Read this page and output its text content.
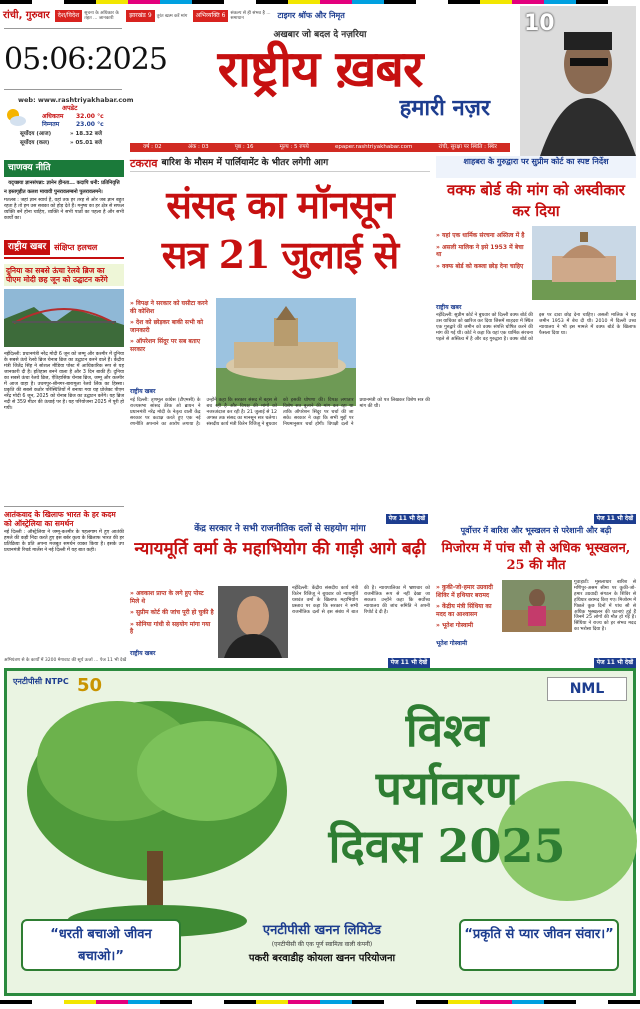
रांची, गुरुवार	देश/विदेश	सूचना के अधिकार के तहत ... जानकारी	झारखंड 9	तुरंत खत्म करें मांग	अभिव्यक्ति 6	संकल्प से ही संभव है ... समाधान	टाइगर श्रॉफ और निमृत	10
05:06:2025
web: www.rashtriyakhabar.com
अपडेट
अधिकतम 32.00 °c
निम्नतम	23.00 °c
सूर्योदय (आज)	» 18.32 बजे
सूर्योदय (कल)	» 05.01 बजे
अखबार जो बदल दे नज़रिया
राष्ट्रीय ख़बर
हमारी नज़र
वर्ष : 02	अंक : 03	पृष्ठ : 16	मूल्य : 5 रुपये	epaper.rashtriyakhabar.com	रांची, सुरक्षा पर स्थिति : स्थिर
चाणक्य नीति
यदृच्छया ज्ञानसंपन्ना: ज्ञानेन हीनता... कदापि धनी: प्रतिनिवृत्ति
न हस्तगृहीत कलश मायावी पुनरावलम्बनो पुलरावलमने।
मतलब : जहां ज्ञान स्वार्थ है, वहां तक हर तरह से ओर जब ज्ञान बहुत रहता है तो हम उस सबका को होड़ देते हैं। मनुष्य का हर क्षेत्र से सफल व्यक्ति बनें होना चाहिए, व्यक्ति ने सभी पाठों का पहला है और सभी कार्यों का।
राष्ट्रीय खबर	संक्षिप्त हलचल
दुनिया का सबसे ऊंचा रेलवे ब्रिज का पीएम मोदी छह जून को उद्घाटन करेंगे
नईदिल्ली: प्रधानमंत्री नरेंद्र मोदी 6 जून को जम्मू और कश्मीर में दुनिया के सबसे ऊंचे रेलवे ब्रिज चेनाब ब्रिज का उद्घाटन करने वाले हैं। केंद्रीय मंत्री जितेंद्र सिंह ने सोशल मीडिया पोस्ट में आधिकारिक रूप से यह जानकारी दी है। इतिहास बनने वाला है और 3 दिन बाकी हैं। दुनिया का सबसे ऊंचा रेलवे ब्रिज, ऐतिहासिक चेनाब ब्रिज, जम्मू और कश्मीर में आज वाहा है। उधमपुर-श्रीनगर-बारामूला रेलवे लिंक का हिस्सा। प्रकृति की सबसे कठोर परिस्थितियों में बनाया गया यह प्रोजेक्ट पीएम नरेंद्र मोदी 6 जून, 2025 को चेनाब ब्रिज का उद्घाटन करेंगे। यह ब्रिज नदी से 359 मीटर की ऊंचाई पर है। यह परियोजना 2025 में पूरी हो गयी।
आतंकवाद के खिलाफ भारत के हर कदम को ऑस्ट्रेलिया का समर्थन
नई दिल्ली : ऑस्ट्रेलिया ने जम्मू-कश्मीर के पहलगाम में हुए आतंकी हमले की कड़ी निंदा करते हुए इस बर्बर कृत्य के खिलाफ भारत की हर प्रतिक्रिया के प्रति अपना मजबूत समर्थन व्यक्त किया है। इसके उप प्रधानमंत्री रिचर्ड मार्लेस ने नई दिल्ली में यह बात कही।
टकराव बारिश के मौसम में पार्लियामेंट के भीतर लगेगी आग
संसद का मॉनसून
सत्र 21 जुलाई से
» विपक्ष ने सरकार को घसीटा करने की कोशिश
» देश को छोड़कर बाकी सभी को जानकारी
» ऑपरेशन सिंदूर पर सब बताए सरकार
राष्ट्रीय खबर
नई दिल्ली: तृणमूल कांग्रेस (टीएमसी) के राज्यसभा सांसद डेरेक ओ ब्रायन ने प्रधानमंत्री नरेंद्र मोदी के नेतृत्व वाली केंद्र सरकार पर कटाक्ष करते हुए एक नई रणनीति अपनाने का आरोप लगाया है। उन्होंने कहा कि सरकार संसद में बहस से बच रही है और विपक्ष की मांगों को नजरअंदाज कर रही है। 21 जुलाई से 12 अगस्त तक संसद का मानसून सत्र चलेगा। संसदीय कार्य मंत्री किरेन रिजिजू ने बुधवार को इसकी घोषणा की। विपक्ष लगातार विशेष सत्र बुलाने की मांग कर रहा था ताकि ऑपरेशन सिंदूर पर चर्चा की जा सके। सरकार ने कहा कि सभी मुद्दों पर नियमानुसार चर्चा होगी। विपक्षी दलों ने प्रधानमंत्री को पत्र लिखकर विशेष सत्र की मांग की थी।
पेज 11 भी देखें
केंद्र सरकार ने सभी राजनीतिक दलों से सहयोग मांगा
शाहबरा के गुरुद्वारा पर सुप्रीम कोर्ट का स्पष्ट निर्देश
वक्फ बोर्ड की मांग को अस्वीकार कर दिया
» यहां एक धार्मिक संरचना अस्तित्व में है
» असली मालिक ने इसे 1953 में बेचा था
» वक्फ बोर्ड को कब्जा छोड़ देना चाहिए
राष्ट्रीय खबर
नईदिल्ली: सुप्रीम कोर्ट ने बुधवार को दिल्ली वक्फ बोर्ड की उस याचिका को खारिज कर दिया जिसमें शाहदरा में स्थित एक गुरुद्वारे की जमीन को वक्फ संपत्ति घोषित करने की मांग की गई थी। कोर्ट ने कहा कि यहां एक धार्मिक संरचना पहले से अस्तित्व में है और वह गुरुद्वारा है। वक्फ बोर्ड को इस पर दावा छोड़ देना चाहिए। असली मालिक ने यह जमीन 1953 में बेच दी थी। 2010 में दिल्ली उच्च न्यायालय ने भी इस मामले में वक्फ बोर्ड के खिलाफ फैसला दिया था।
पेज 11 भी देखें
न्यायमूर्ति वर्मा के महाभियोग की गाड़ी आगे बढ़ी
» अवकाश प्राप्त के लगे हुए पोस्ट मिले थे
» सुप्रीम कोर्ट की जांच पूरी हो चुकी है
» सोनिया गांधी से सहयोग मांगा गया है
राष्ट्रीय खबर
नईदिल्ली: केंद्रीय संसदीय कार्य मंत्री किरेन रिजिजू ने बुधवार को न्यायमूर्ति यशवंत वर्मा के खिलाफ महाभियोग प्रस्ताव पर कहा कि सरकार ने सभी राजनीतिक दलों से इस संबंध में बात की है। न्यायपालिका में भ्रष्टाचार को राजनीतिक रूप से नहीं देखा जा सकता। उन्होंने कहा कि सर्वोच्च न्यायालय की जांच समिति ने अपनी रिपोर्ट दे दी है।
पेज 11 भी देखें
पूर्वोत्तर में बारिश और भूस्खलन से परेशानी और बढ़ी
मिजोरम में पांच सौ से अधिक भूस्खलन, 25 की मौत
» कुकी-जो-हमार उग्रवादी शिविर में हथियार बरामद
» केंद्रीय मंत्री सिंधिया का मदद का आश्वासन
» भूतेश गोस्वामी
भूतेश गोस्वामी
गुवाहाटी: मूसलाधार बारिश से मणिपुर-असम सीमा पर कुकी-जो-हमार उग्रवादी संगठन के शिविर से हथियार बरामद किए गए। मिजोरम में पिछले कुछ दिनों में पांच सौ से अधिक भूस्खलन की घटनाएं हुई हैं जिनमें 25 लोगों की मौत हो गई है। सिंधिया ने राज्य को हर संभव मदद का भरोसा दिया है।
पेज 11 भी देखें
एनटीपीसी NTPC 50	NML
विश्व
पर्यावरण
दिवस 2025
“धरती बचाओ जीवन बचाओ।”
“प्रकृति से प्यार जीवन संवार।”
एनटीपीसी खनन लिमिटेड
(एनटीपीसी की एक पूर्ण स्वामित्व वाली कंपनी)
पकरी बरवाडीह कोयला खनन परियोजना
अभियंत्रण से के कार्यों में 3200 मेगावाट की सूर्य ऊर्जा ... पेज 11 भी देखें
